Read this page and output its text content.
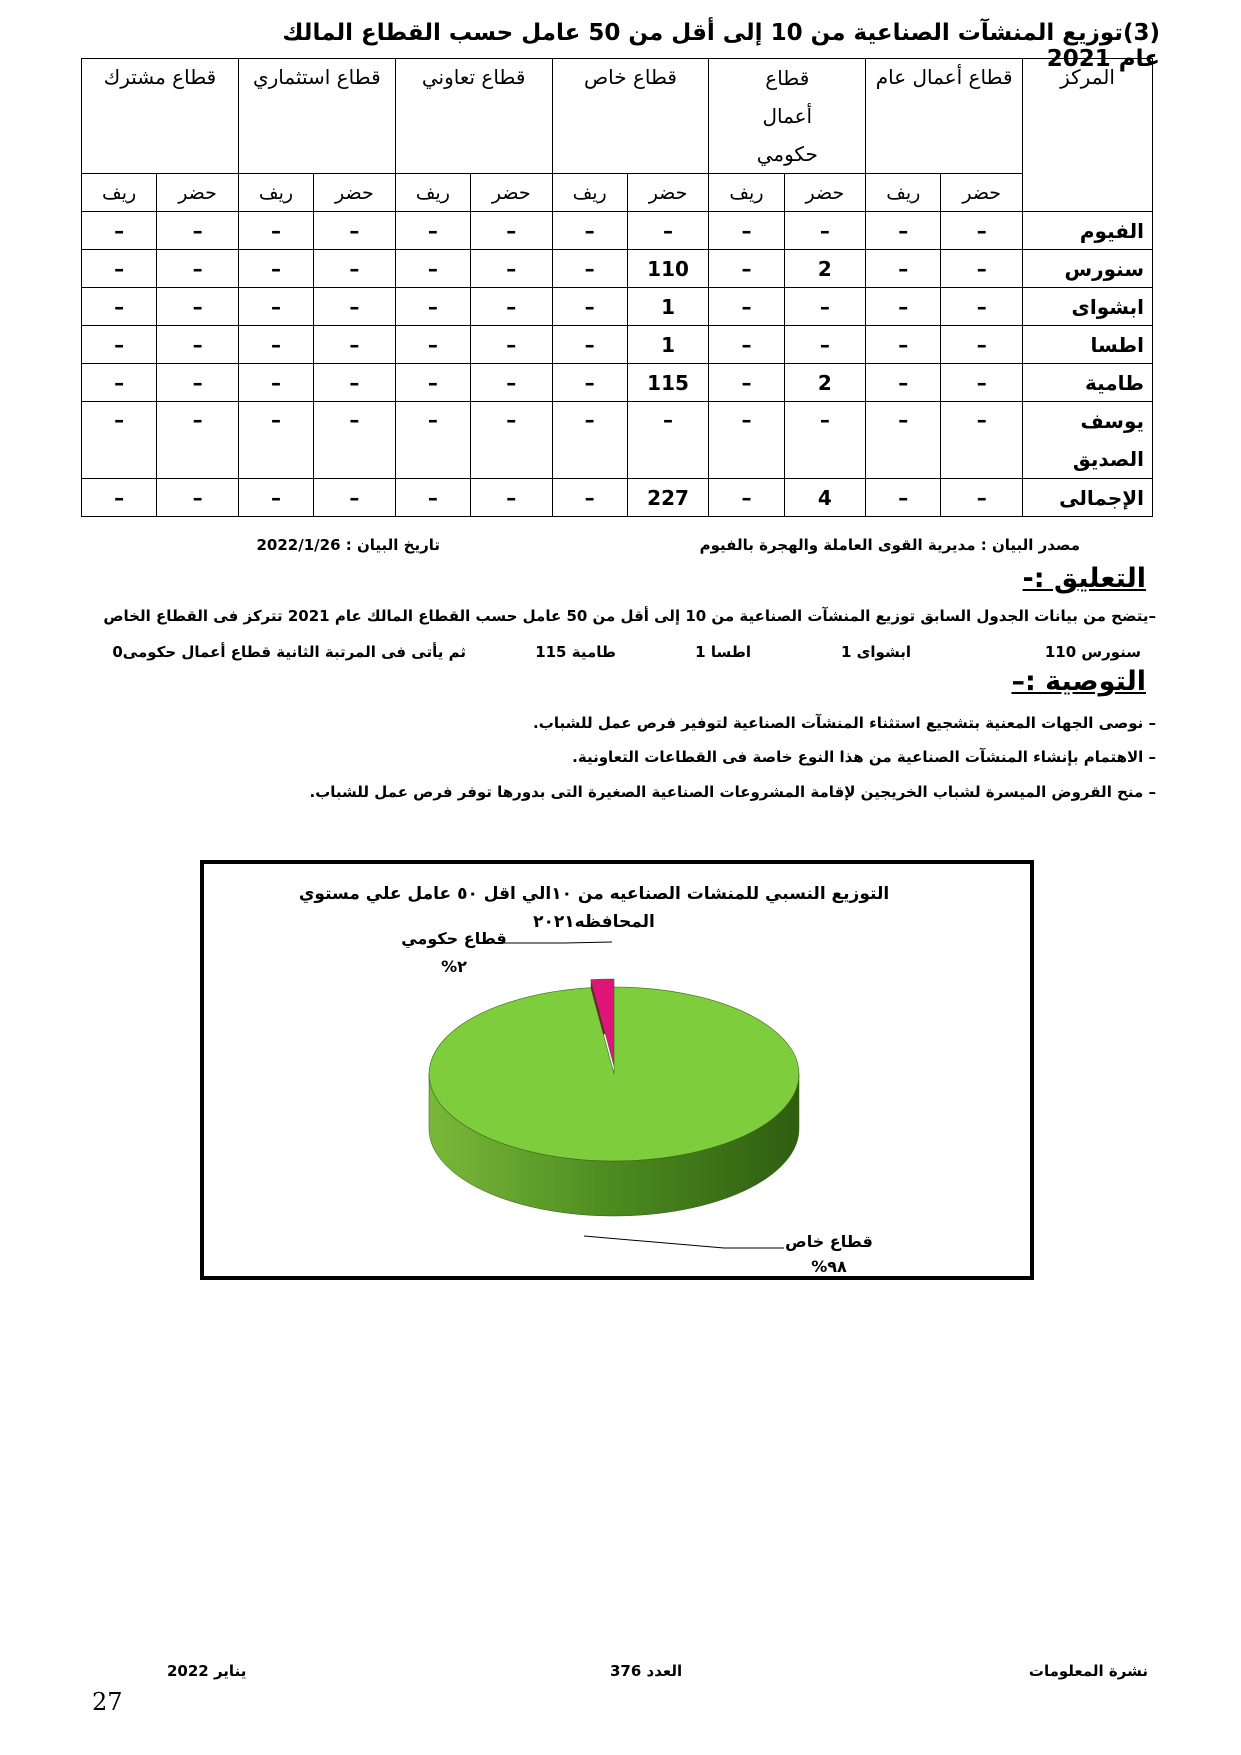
(3)توزيع المنشآت الصناعية من 10 إلى أقل من 50 عامل حسب القطاع المالك عام 2021
المركز	قطاع أعمال عام		قطاع أعمال حكومي		قطاع خاص		قطاع تعاوني		قطاع استثماري		قطاع مشترك	
	حضر	ريف	حضر	ريف	حضر	ريف	حضر	ريف	حضر	ريف	حضر	ريف
الفيوم	–	–	–	–	–	–	–	–	–	–	–	–
سنورس	–	–	2	–	110	–	–	–	–	–	–	–
ابشواى	–	–	–	–	1	–	–	–	–	–	–	–
اطسا	–	–	–	–	1	–	–	–	–	–	–	–
طامية	–	–	2	–	115	–	–	–	–	–	–	–
يوسف الصديق	–	–	–	–	–	–	–	–	–	–	–	–
الإجمالى	–	–	4	–	227	–	–	–	–	–	–	–
مصدر البيان : مديرية القوى العاملة والهجرة بالفيوم
تاريخ البيان : 2022/1/26
التعليق :-
–يتضح من بيانات الجدول السابق توزيع المنشآت الصناعية من 10 إلى أقل من 50 عامل حسب القطاع المالك عام 2021 تتركز فى القطاع الخاص
سنورس 110
ابشواى 1
اطسا 1
طامية 115
ثم يأتى فى المرتبة الثانية قطاع أعمال حكومى0
التوصية :–
– نوصى الجهات المعنية بتشجيع استثناء المنشآت الصناعية لتوفير فرص عمل للشباب.
– الاهتمام بإنشاء المنشآت الصناعية من هذا النوع خاصة فى القطاعات التعاونية.
– منح القروض الميسرة لشباب الخريجين لإقامة المشروعات الصناعية الصغيرة التى بدورها توفر فرص عمل للشباب.
التوزيع النسبي للمنشات الصناعيه من ١٠الي اقل ٥٠ عامل علي مستوي المحافظه٢٠٢١
قطاع حكومي
٢%
قطاع خاص
٩٨%
نشرة المعلومات
العدد 376
يناير 2022
27
